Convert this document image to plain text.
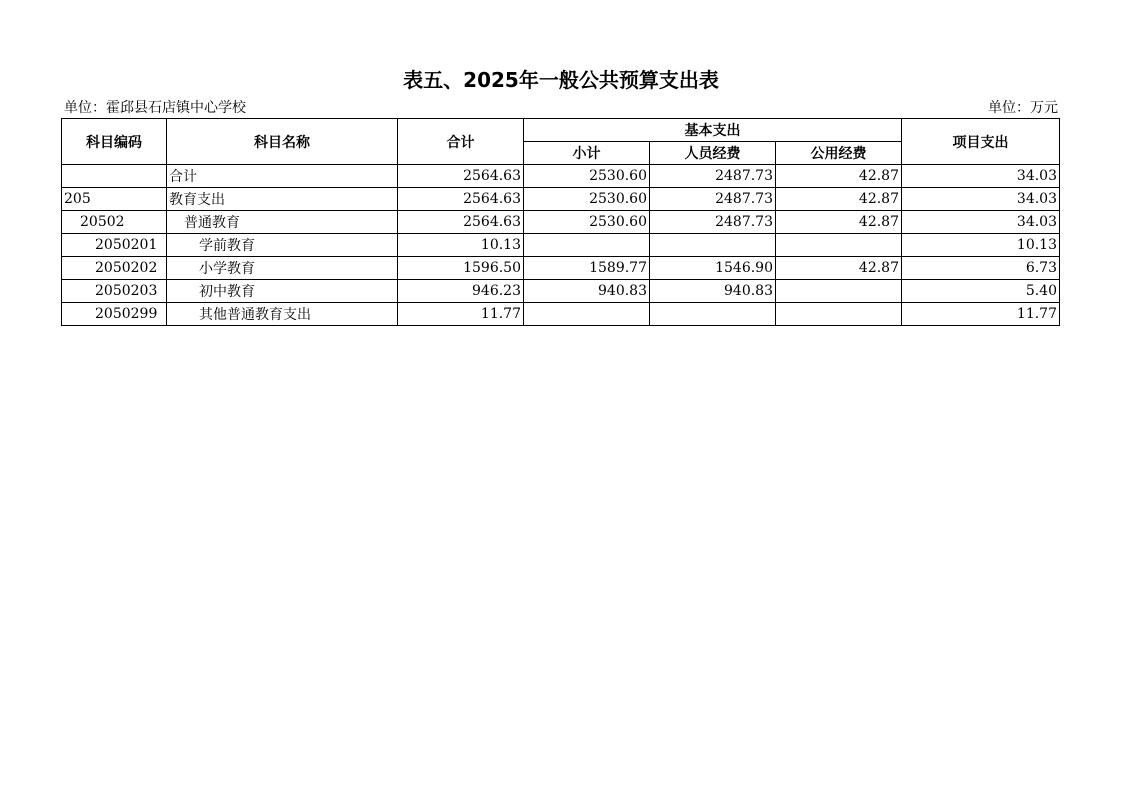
表五、2025年一般公共预算支出表
单位：霍邱县石店镇中心学校	单位：万元
科目编码	科目名称	合计	基本支出			项目支出
			小计	人员经费	公用经费	
	合计	2564.63	2530.60	2487.73	42.87	34.03
205	教育支出	2564.63	2530.60	2487.73	42.87	34.03
20502	普通教育	2564.63	2530.60	2487.73	42.87	34.03
2050201	学前教育	10.13				10.13
2050202	小学教育	1596.50	1589.77	1546.90	42.87	6.73
2050203	初中教育	946.23	940.83	940.83		5.40
2050299	其他普通教育支出	11.77				11.77
